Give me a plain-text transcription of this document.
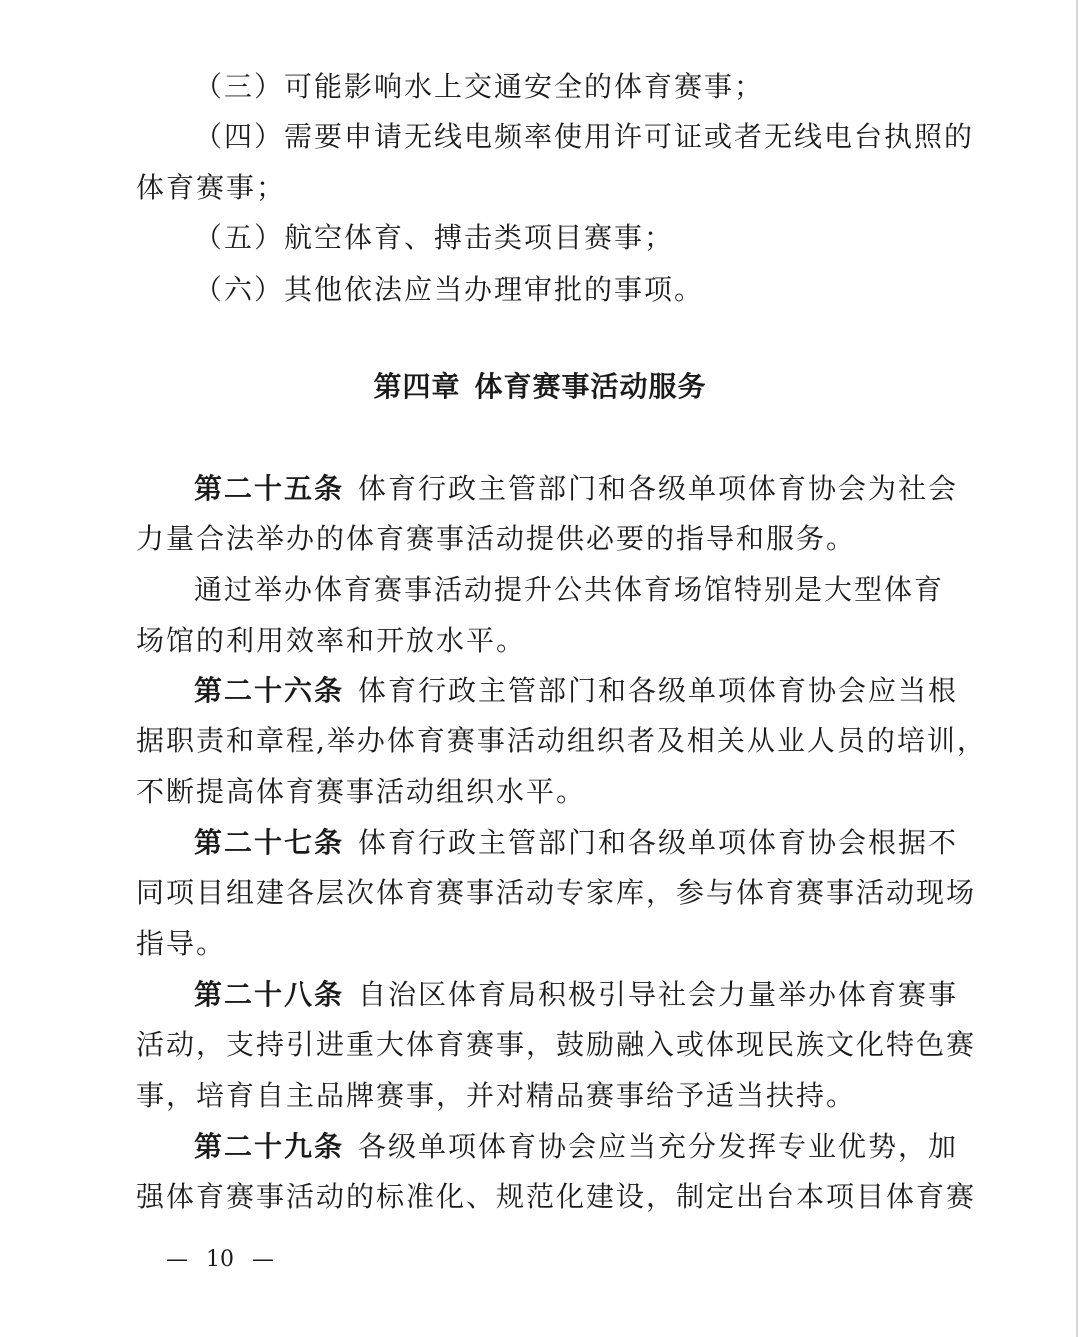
（三）可能影响水上交通安全的体育赛事；
（四）需要申请无线电频率使用许可证或者无线电台执照的
体育赛事；
（五）航空体育、搏击类项目赛事；
（六）其他依法应当办理审批的事项。
第四章 体育赛事活动服务
第二十五条 体育行政主管部门和各级单项体育协会为社会
力量合法举办的体育赛事活动提供必要的指导和服务。
通过举办体育赛事活动提升公共体育场馆特别是大型体育
场馆的利用效率和开放水平。
第二十六条 体育行政主管部门和各级单项体育协会应当根
据职责和章程,举办体育赛事活动组织者及相关从业人员的培训，
不断提高体育赛事活动组织水平。
第二十七条 体育行政主管部门和各级单项体育协会根据不
同项目组建各层次体育赛事活动专家库，参与体育赛事活动现场
指导。
第二十八条 自治区体育局积极引导社会力量举办体育赛事
活动，支持引进重大体育赛事，鼓励融入或体现民族文化特色赛
事，培育自主品牌赛事，并对精品赛事给予适当扶持。
第二十九条 各级单项体育协会应当充分发挥专业优势，加
强体育赛事活动的标准化、规范化建设，制定出台本项目体育赛
— 10 —
